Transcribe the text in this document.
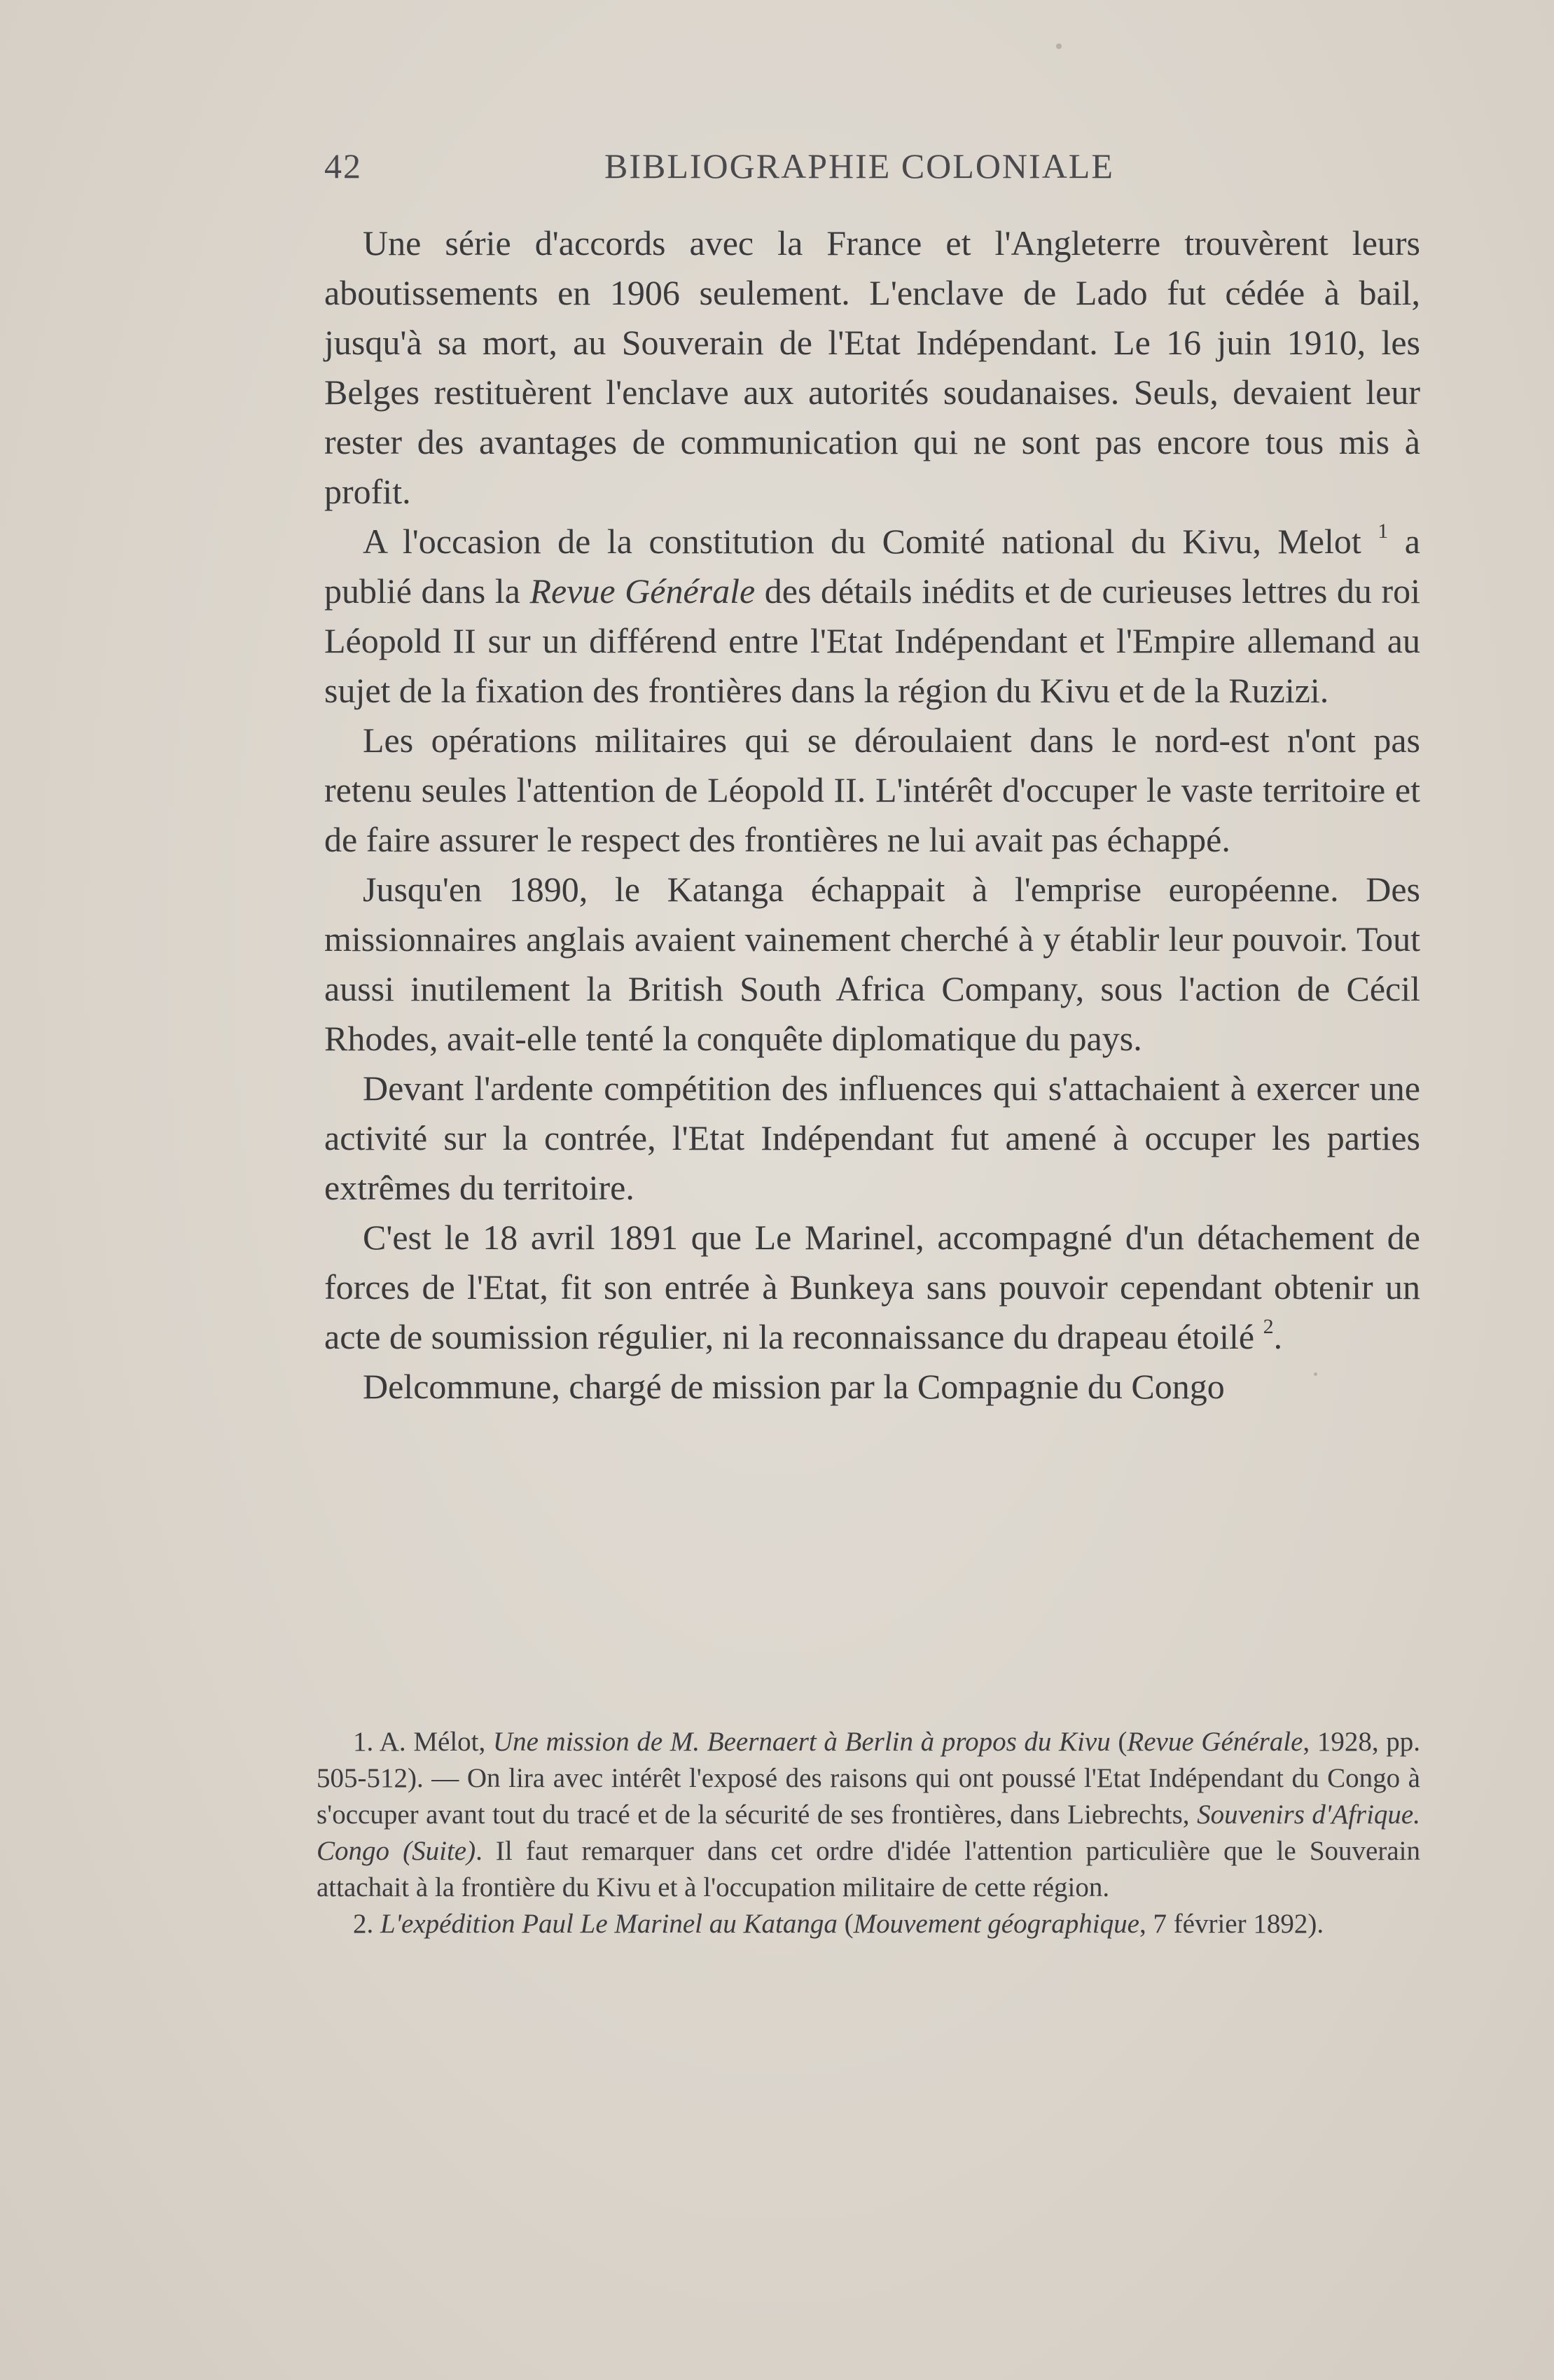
42	BIBLIOGRAPHIE COLONIALE

Une série d'accords avec la France et l'Angleterre trouvèrent leurs aboutissements en 1906 seulement. L'enclave de Lado fut cédée à bail, jusqu'à sa mort, au Souverain de l'Etat Indépendant. Le 16 juin 1910, les Belges restituèrent l'enclave aux autorités soudanaises. Seuls, devaient leur rester des avantages de communication qui ne sont pas encore tous mis à profit.

A l'occasion de la constitution du Comité national du Kivu, Melot $^1$ a publié dans la Revue Générale des détails inédits et de curieuses lettres du roi Léopold II sur un différend entre l'Etat Indépendant et l'Empire allemand au sujet de la fixation des frontières dans la région du Kivu et de la Ruzizi.

Les opérations militaires qui se déroulaient dans le nord-est n'ont pas retenu seules l'attention de Léopold II. L'intérêt d'occuper le vaste territoire et de faire assurer le respect des frontières ne lui avait pas échappé.

Jusqu'en 1890, le Katanga échappait à l'emprise européenne. Des missionnaires anglais avaient vainement cherché à y établir leur pouvoir. Tout aussi inutilement la British South Africa Company, sous l'action de Cécil Rhodes, avait-elle tenté la conquête diplomatique du pays.

Devant l'ardente compétition des influences qui s'attachaient à exercer une activité sur la contrée, l'Etat Indépendant fut amené à occuper les parties extrêmes du territoire.

C'est le 18 avril 1891 que Le Marinel, accompagné d'un détachement de forces de l'Etat, fit son entrée à Bunkeya sans pouvoir cependant obtenir un acte de soumission régulier, ni la reconnaissance du drapeau étoilé $^2$.

Delcommune, chargé de mission par la Compagnie du Congo

1. A. Mélot, Une mission de M. Beernaert à Berlin à propos du Kivu (Revue Générale, 1928, pp. 505-512). — On lira avec intérêt l'exposé des raisons qui ont poussé l'Etat Indépendant du Congo à s'occuper avant tout du tracé et de la sécurité de ses frontières, dans Liebrechts, Souvenirs d'Afrique. Congo (Suite). Il faut remarquer dans cet ordre d'idée l'attention particulière que le Souverain attachait à la frontière du Kivu et à l'occupation militaire de cette région.

2. L'expédition Paul Le Marinel au Katanga (Mouvement géographique, 7 février 1892).
